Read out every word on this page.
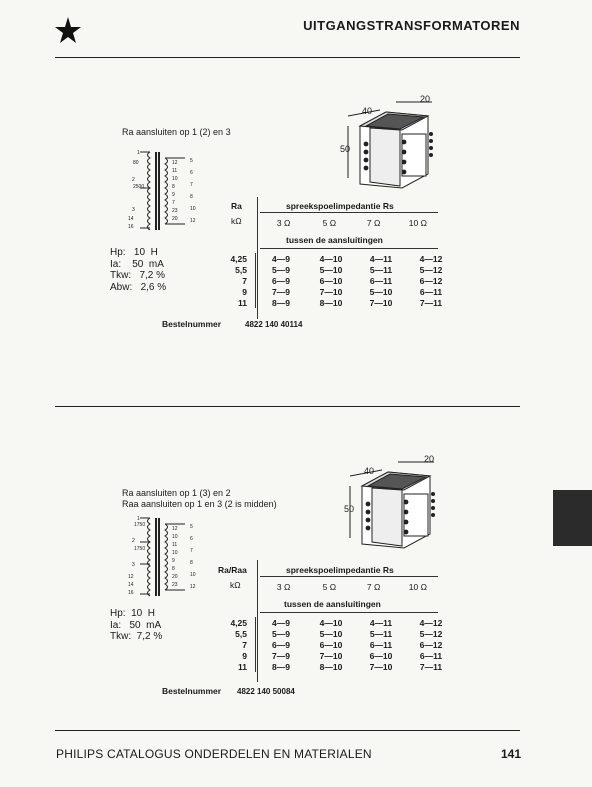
UITGANGSTRANSFORMATOREN
Ra aansluiten op 1 (2) en 3
1
2
3
14
16
12
11
10
8
9
7
23
20
5
6
7
8
10
12
80
2500
40
20
50
Hp:   10  H
Ia:    50  mA
Tkw:   7,2 %
Abw:   2,6 %
Ra
kΩ
spreekspoelimpedantie Rs
3 Ω	5 Ω	7 Ω	10 Ω
tussen de aansluitingen
4,25	4—9	4—10	4—11	4—12
5,5	5—9	5—10	5—11	5—12
7	6—9	6—10	6—11	6—12
9	7—9	7—10	5—10	6—11
11	8—9	8—10	7—10	7—11
Bestelnummer	4822 140 40114
Ra aansluiten op 1 (3) en 2
Raa aansluiten op 1 en 3 (2 is midden)
1
2
3
12
14
16
12
10
11
10
9
8
20
23
5
6
7
8
10
12
1750
1750
40
20
50
Hp:  10  H
Ia:   50  mA
Tkw:  7,2 %
Ra/Raa
kΩ
spreekspoelimpedantie Rs
3 Ω	5 Ω	7 Ω	10 Ω
tussen de aansluitingen
4,25	4—9	4—10	4—11	4—12
5,5	5—9	5—10	5—11	5—12
7	6—9	6—10	6—11	6—12
9	7—9	7—10	6—10	6—11
11	8—9	8—10	7—10	7—11
Bestelnummer 4822 140 50084
PHILIPS CATALOGUS ONDERDELEN EN MATERIALEN	141
